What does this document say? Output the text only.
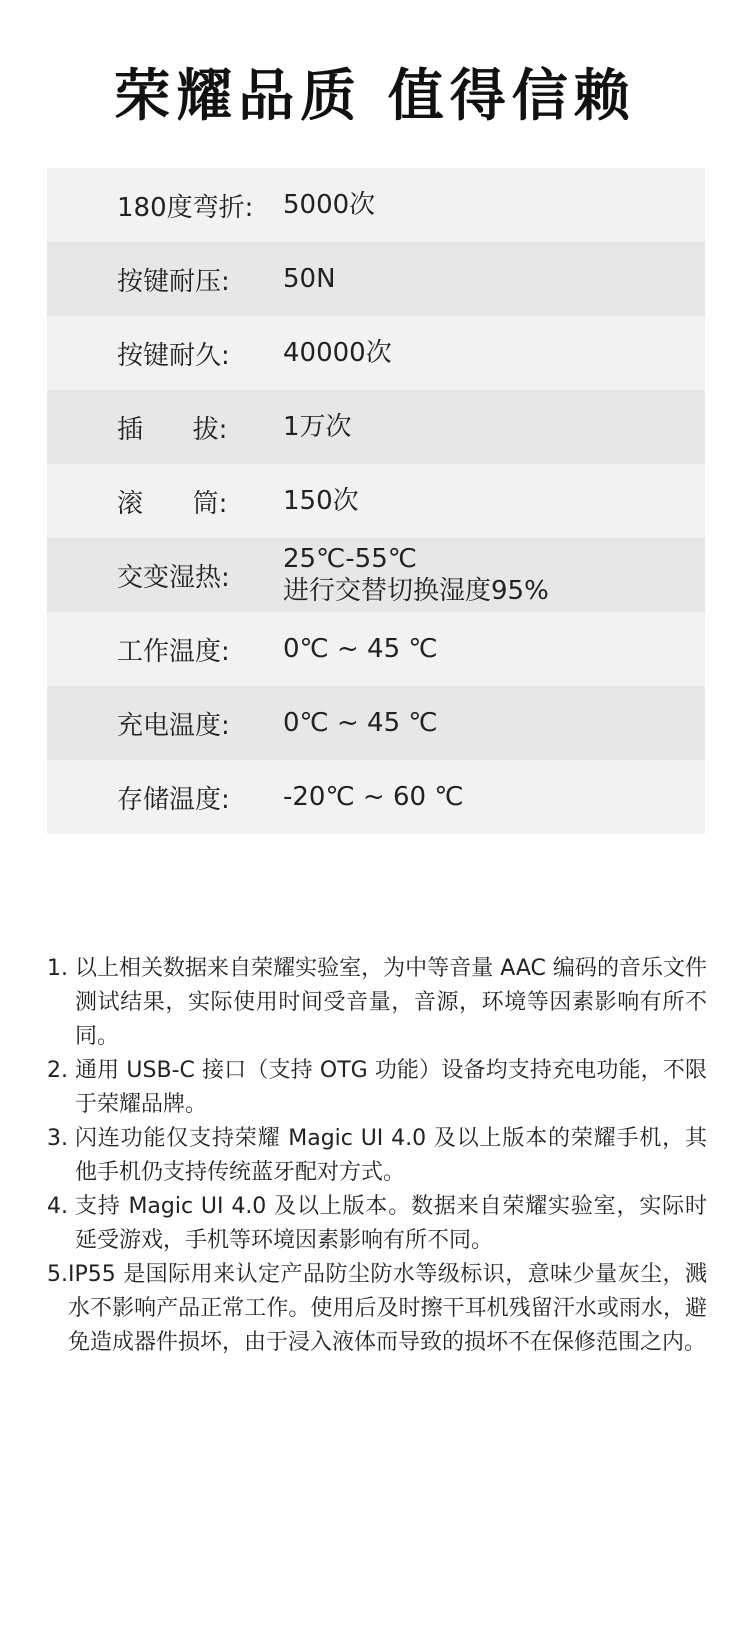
荣耀品质 值得信赖
180度弯折:	5000次
按键耐压:	50N
按键耐久:	40000次
插      拔:	1万次
滚      筒:	150次
交变湿热:
25℃-55℃
进行交替切换湿度95%
工作温度:	0℃ ~ 45 ℃
充电温度:	0℃ ~ 45 ℃
存储温度:	-20℃ ~ 60 ℃
1. 以上相关数据来自荣耀实验室，为中等音量 AAC 编码的音乐文件测试结果，实际使用时间受音量，音源，环境等因素影响有所不同。
2. 通用 USB-C 接口（支持 OTG 功能）设备均支持充电功能，不限于荣耀品牌。
3. 闪连功能仅支持荣耀 Magic UI 4.0 及以上版本的荣耀手机，其他手机仍支持传统蓝牙配对方式。
4. 支持 Magic UI 4.0 及以上版本。数据来自荣耀实验室，实际时延受游戏，手机等环境因素影响有所不同。
5. IP55 是国际用来认定产品防尘防水等级标识，意味少量灰尘，溅水不影响产品正常工作。使用后及时擦干耳机残留汗水或雨水，避免造成器件损坏，由于浸入液体而导致的损坏不在保修范围之内。
